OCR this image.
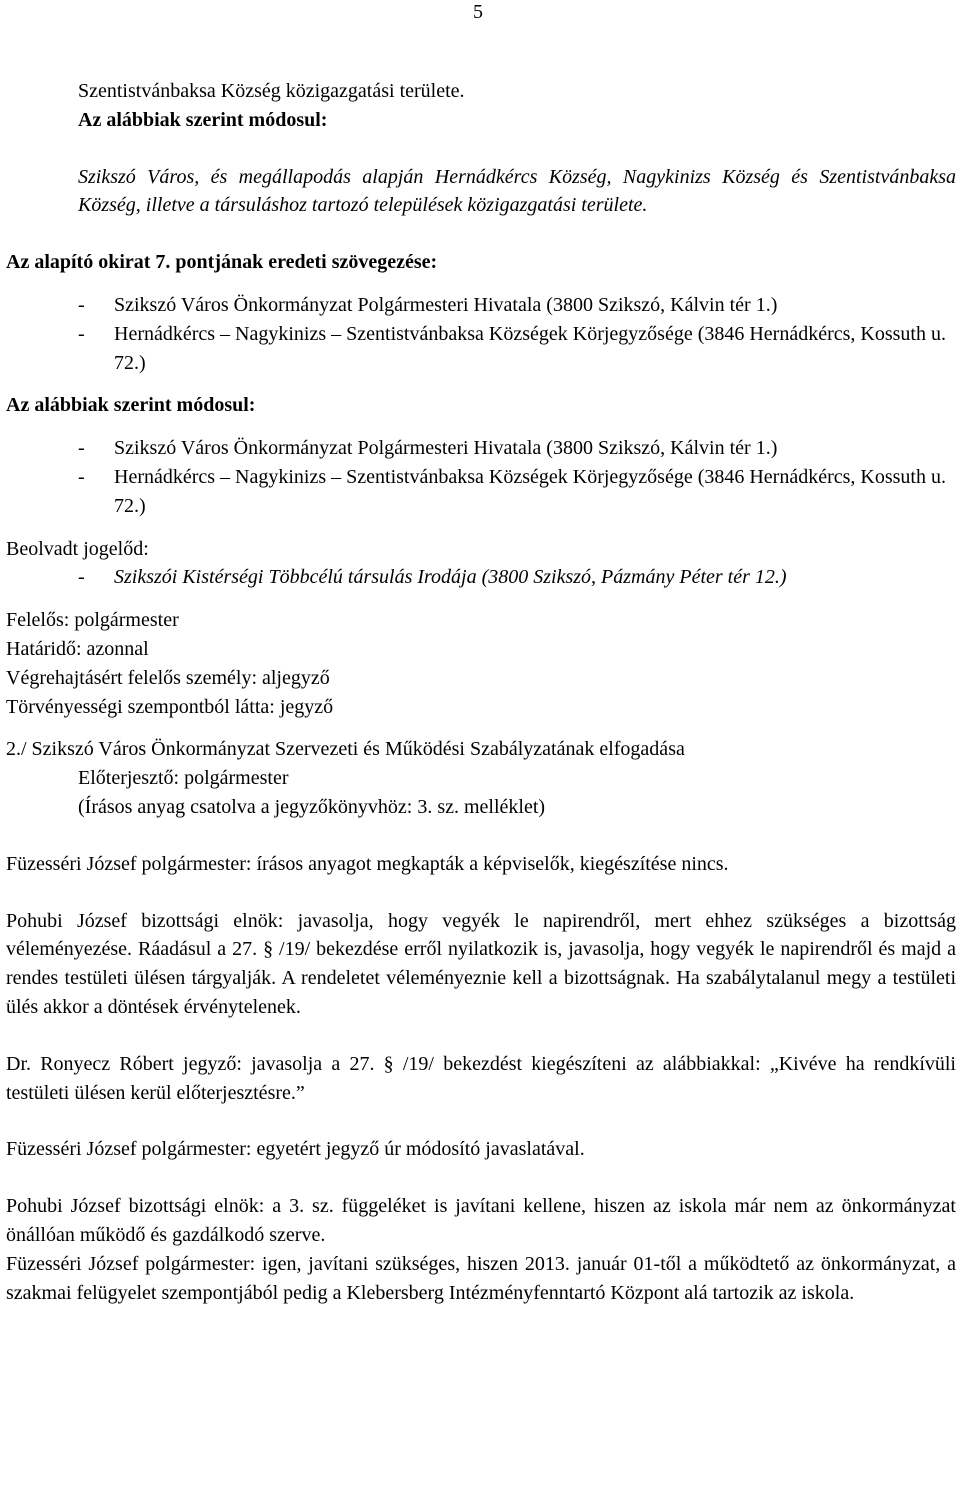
5

Szentistvánbaksa Község közigazgatási területe.

Az alábbiak szerint módosul:

Szikszó Város, és megállapodás alapján Hernádkércs Község, Nagykinizs Község és Szentistvánbaksa Község, illetve a társuláshoz tartozó települések közigazgatási területe.

Az alapító okirat 7. pontjának eredeti szövegezése:

- Szikszó Város Önkormányzat Polgármesteri Hivatala (3800 Szikszó, Kálvin tér 1.)
- Hernádkércs – Nagykinizs – Szentistvánbaksa Községek Körjegyzősége (3846 Hernádkércs, Kossuth u. 72.)

Az alábbiak szerint módosul:

- Szikszó Város Önkormányzat Polgármesteri Hivatala (3800 Szikszó, Kálvin tér 1.)
- Hernádkércs – Nagykinizs – Szentistvánbaksa Községek Körjegyzősége (3846 Hernádkércs, Kossuth u. 72.)

Beolvadt jogelőd:

- Szikszói Kistérségi Többcélú társulás Irodája (3800 Szikszó, Pázmány Péter tér 12.)

Felelős: polgármester

Határidő: azonnal

Végrehajtásért felelős személy: aljegyző

Törvényességi szempontból látta: jegyző

2./ Szikszó Város Önkormányzat Szervezeti és Működési Szabályzatának elfogadása

Előterjesztő: polgármester

(Írásos anyag csatolva a jegyzőkönyvhöz: 3. sz. melléklet)

Füzesséri József polgármester: írásos anyagot megkapták a képviselők, kiegészítése nincs.

Pohubi József bizottsági elnök: javasolja, hogy vegyék le napirendről, mert ehhez szükséges a bizottság véleményezése. Ráadásul a 27. § /19/ bekezdése erről nyilatkozik is, javasolja, hogy vegyék le napirendről és majd a rendes testületi ülésen tárgyalják. A rendeletet véleményeznie kell a bizottságnak. Ha szabálytalanul megy a testületi ülés akkor a döntések érvénytelenek.

Dr. Ronyecz Róbert jegyző: javasolja a 27. § /19/ bekezdést kiegészíteni az alábbiakkal: „Kivéve ha rendkívüli testületi ülésen kerül előterjesztésre.”

Füzesséri József polgármester: egyetért jegyző úr módosító javaslatával.

Pohubi József bizottsági elnök: a 3. sz. függeléket is javítani kellene, hiszen az iskola már nem az önkormányzat önállóan működő és gazdálkodó szerve.

Füzesséri József polgármester: igen, javítani szükséges, hiszen 2013. január 01-től a működtető az önkormányzat, a szakmai felügyelet szempontjából pedig a Klebersberg Intézményfenntartó Központ alá tartozik az iskola.
